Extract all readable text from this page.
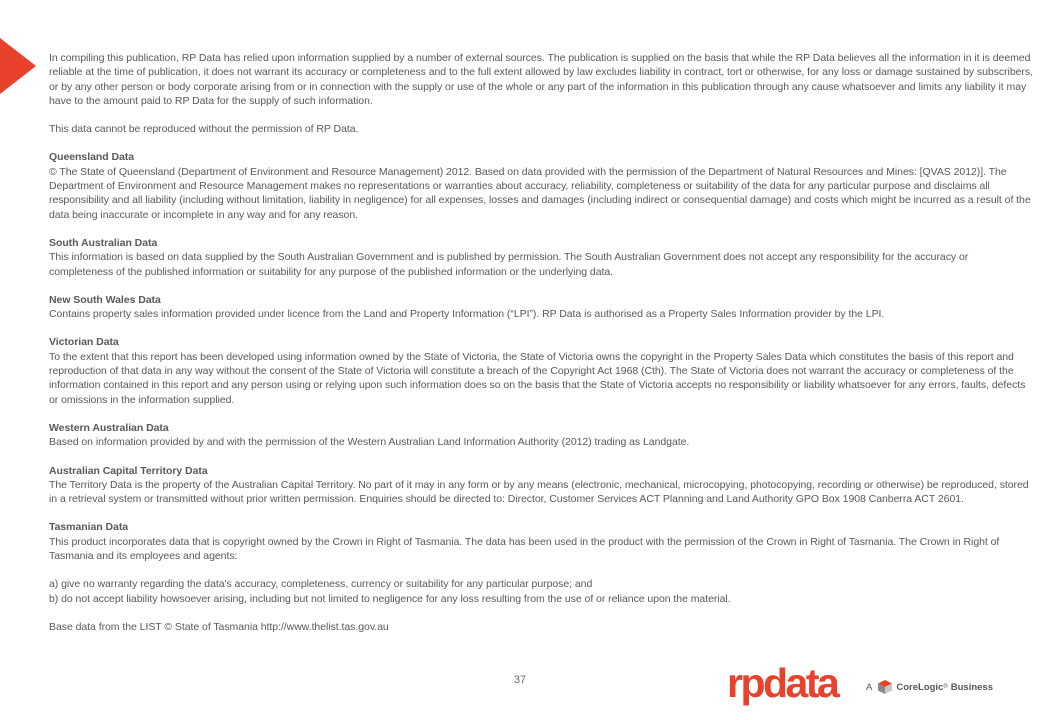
In compiling this publication, RP Data has relied upon information supplied by a number of external sources. The publication is supplied on the basis that while the RP Data believes all the information in it is deemed reliable at the time of publication, it does not warrant its accuracy or completeness and to the full extent allowed by law excludes liability in contract, tort or otherwise, for any loss or damage sustained by subscribers, or by any other person or body corporate arising from or in connection with the supply or use of the whole or any part of the information in this publication through any cause whatsoever and limits any liability it may have to the amount paid to RP Data for the supply of such information.

This data cannot be reproduced without the permission of RP Data.

Queensland Data
© The State of Queensland (Department of Environment and Resource Management) 2012. Based on data provided with the permission of the Department of Natural Resources and Mines: [QVAS 2012)]. The Department of Environment and Resource Management makes no representations or warranties about accuracy, reliability, completeness or suitability of the data for any particular purpose and disclaims all responsibility and all liability (including without limitation, liability in negligence) for all expenses, losses and damages (including indirect or consequential damage) and costs which might be incurred as a result of the data being inaccurate or incomplete in any way and for any reason.

South Australian Data
This information is based on data supplied by the South Australian Government and is published by permission. The South Australian Government does not accept any responsibility for the accuracy or completeness of the published information or suitability for any purpose of the published information or the underlying data.

New South Wales Data
Contains property sales information provided under licence from the Land and Property Information (“LPI”). RP Data is authorised as a Property Sales Information provider by the LPI.

Victorian Data
To the extent that this report has been developed using information owned by the State of Victoria, the State of Victoria owns the copyright in the Property Sales Data which constitutes the basis of this report and reproduction of that data in any way without the consent of the State of Victoria will constitute a breach of the Copyright Act 1968 (Cth). The State of Victoria does not warrant the accuracy or completeness of the information contained in this report and any person using or relying upon such information does so on the basis that the State of Victoria accepts no responsibility or liability whatsoever for any errors, faults, defects or omissions in the information supplied.

Western Australian Data
Based on information provided by and with the permission of the Western Australian Land Information Authority (2012) trading as Landgate.

Australian Capital Territory Data
The Territory Data is the property of the Australian Capital Territory. No part of it may in any form or by any means (electronic, mechanical, microcopying, photocopying, recording or otherwise) be reproduced, stored in a retrieval system or transmitted without prior written permission. Enquiries should be directed to: Director, Customer Services ACT Planning and Land Authority GPO Box 1908 Canberra ACT 2601.

Tasmanian Data
This product incorporates data that is copyright owned by the Crown in Right of Tasmania. The data has been used in the product with the permission of the Crown in Right of Tasmania. The Crown in Right of Tasmania and its employees and agents:

a) give no warranty regarding the data's accuracy, completeness, currency or suitability for any particular purpose; and

b) do not accept liability howsoever arising, including but not limited to negligence for any loss resulting from the use of or reliance upon the material.

Base data from the LIST © State of Tasmania http://www.thelist.tas.gov.au

37	rpdata	A	CoreLogic ® Business
